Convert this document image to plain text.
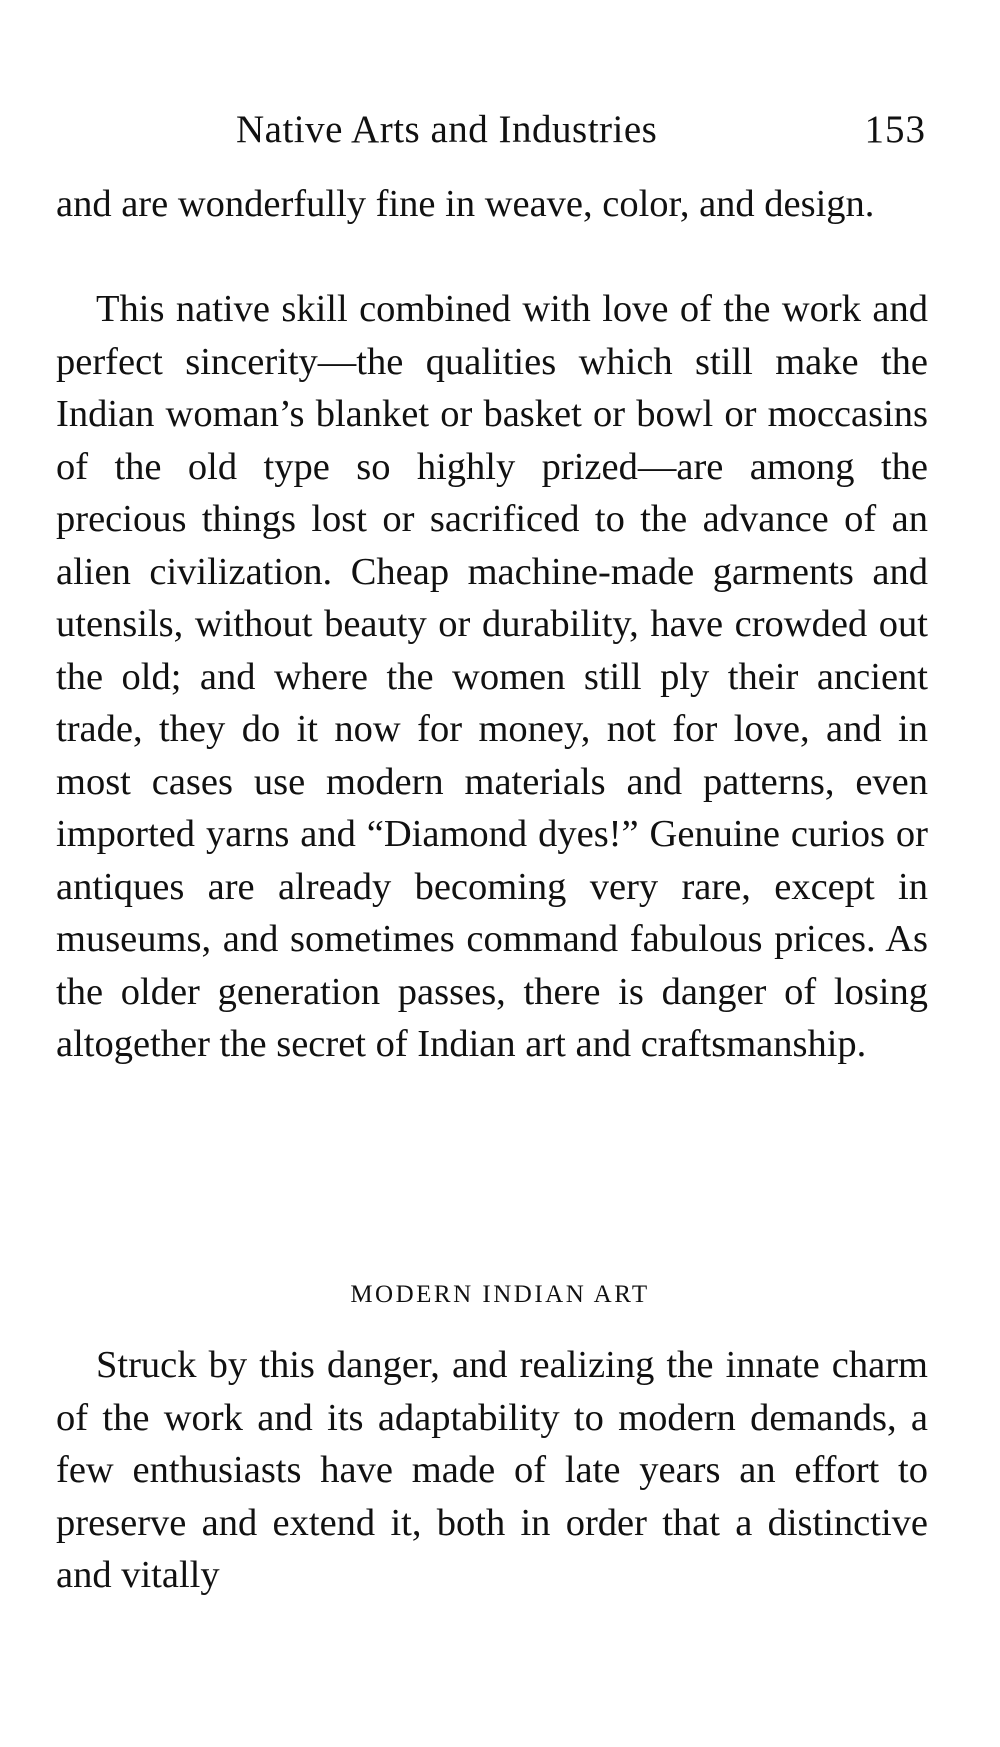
Native Arts and Industries	153

and are wonderfully fine in weave, color, and design.

This native skill combined with love of the work and perfect sincerity—the qualities which still make the Indian woman’s blanket or basket or bowl or moccasins of the old type so highly prized—are among the precious things lost or sacrificed to the advance of an alien civilization. Cheap machine-made garments and utensils, without beauty or durability, have crowded out the old; and where the women still ply their ancient trade, they do it now for money, not for love, and in most cases use modern materials and patterns, even imported yarns and “Diamond dyes!” Genuine curios or antiques are already becoming very rare, except in museums, and sometimes command fabulous prices. As the older generation passes, there is danger of losing altogether the secret of Indian art and craftsmanship.

MODERN INDIAN ART

Struck by this danger, and realizing the innate charm of the work and its adaptability to modern demands, a few enthusiasts have made of late years an effort to preserve and extend it, both in order that a distinctive and vitally
